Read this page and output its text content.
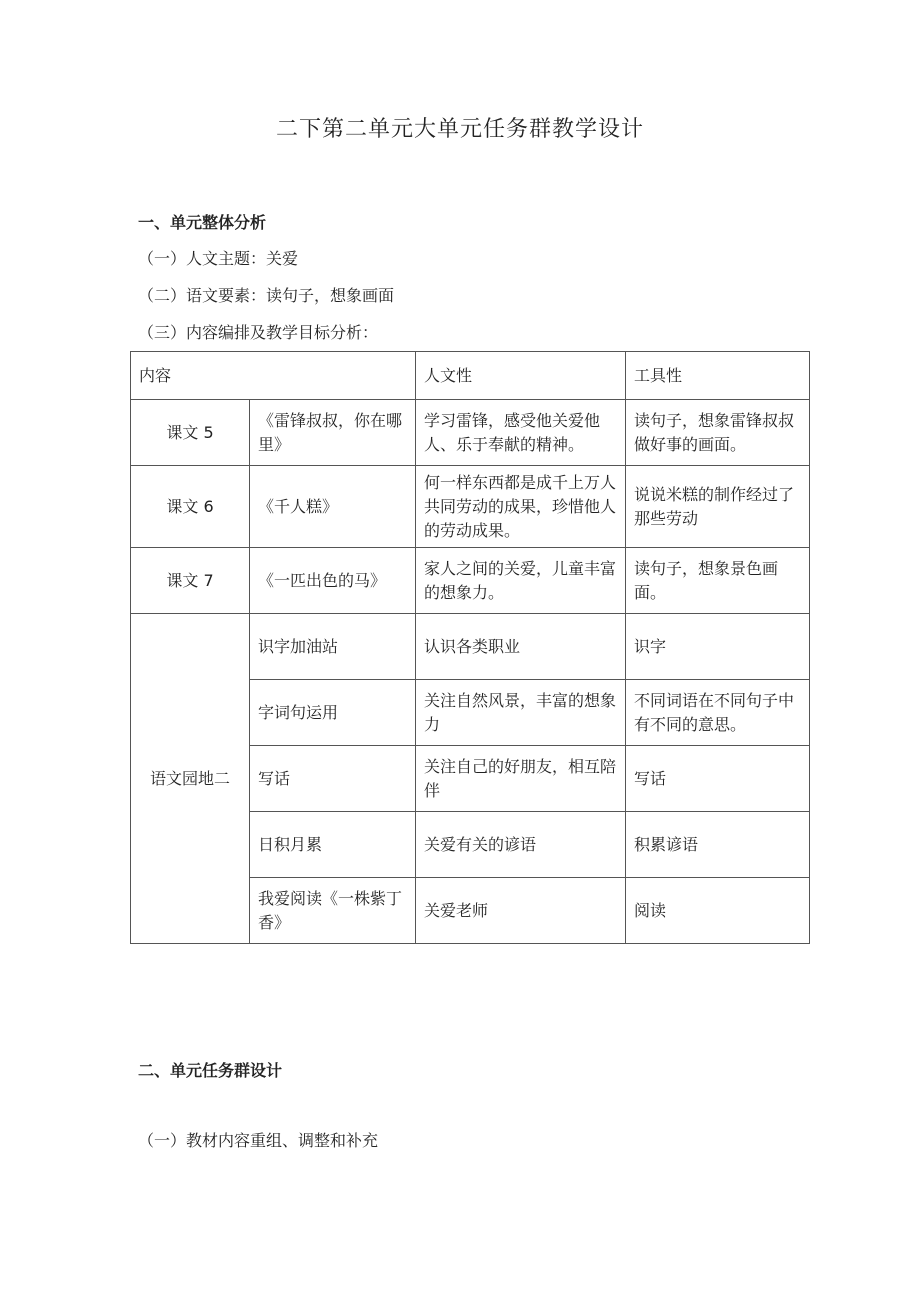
二下第二单元大单元任务群教学设计
一、单元整体分析
（一）人文主题：关爱
（二）语文要素：读句子，想象画面
（三）内容编排及教学目标分析：
内容		人文性	工具性
课文 5	《雷锋叔叔，你在哪里》	学习雷锋，感受他关爱他人、乐于奉献的精神。	读句子，想象雷锋叔叔做好事的画面。
课文 6	《千人糕》	何一样东西都是成千上万人共同劳动的成果，珍惜他人的劳动成果。	说说米糕的制作经过了那些劳动
课文 7	《一匹出色的马》	家人之间的关爱，儿童丰富的想象力。	读句子，想象景色画面。
语文园地二	识字加油站	认识各类职业	识字
	字词句运用	关注自然风景，丰富的想象力	不同词语在不同句子中有不同的意思。
	写话	关注自己的好朋友，相互陪伴	写话
	日积月累	关爱有关的谚语	积累谚语
	我爱阅读《一株紫丁香》	关爱老师	阅读
二、单元任务群设计
（一）教材内容重组、调整和补充
